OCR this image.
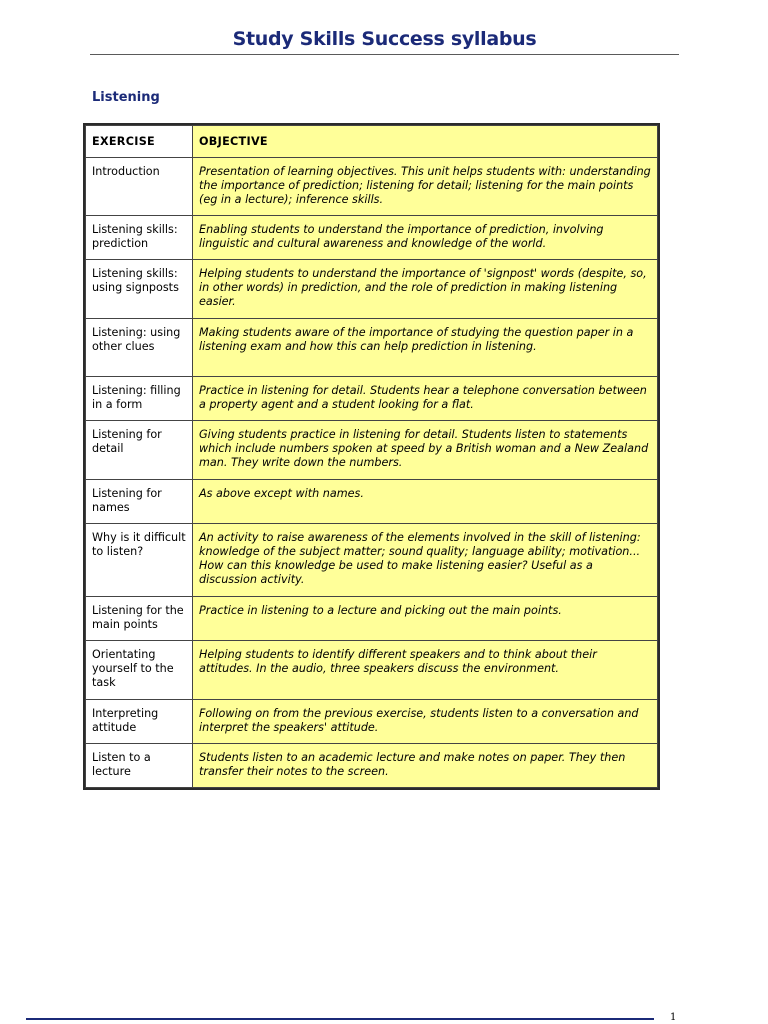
Study Skills Success syllabus
Listening
EXERCISE	OBJECTIVE
Introduction	Presentation of learning objectives. This unit helps students with: understanding the importance of prediction; listening for detail; listening for the main points (eg in a lecture); inference skills.
Listening skills: prediction	Enabling students to understand the importance of prediction, involving linguistic and cultural awareness and knowledge of the world.
Listening skills: using signposts	Helping students to understand the importance of 'signpost' words (despite, so, in other words) in prediction, and the role of prediction in making listening easier.
Listening: using other clues	Making students aware of the importance of studying the question paper in a listening exam and how this can help prediction in listening.
Listening: filling in a form	Practice in listening for detail. Students hear a telephone conversation between a property agent and a student looking for a flat.
Listening for detail	Giving students practice in listening for detail. Students listen to statements which include numbers spoken at speed by a British woman and a New Zealand man. They write down the numbers.
Listening for names	As above except with names.
Why is it difficult to listen?	An activity to raise awareness of the elements involved in the skill of listening: knowledge of the subject matter; sound quality; language ability; motivation... How can this knowledge be used to make listening easier? Useful as a discussion activity.
Listening for the main points	Practice in listening to a lecture and picking out the main points.
Orientating yourself to the task	Helping students to identify different speakers and to think about their attitudes. In the audio, three speakers discuss the environment.
Interpreting attitude	Following on from the previous exercise, students listen to a conversation and interpret the speakers' attitude.
Listen to a lecture	Students listen to an academic lecture and make notes on paper. They then transfer their notes to the screen.
1
